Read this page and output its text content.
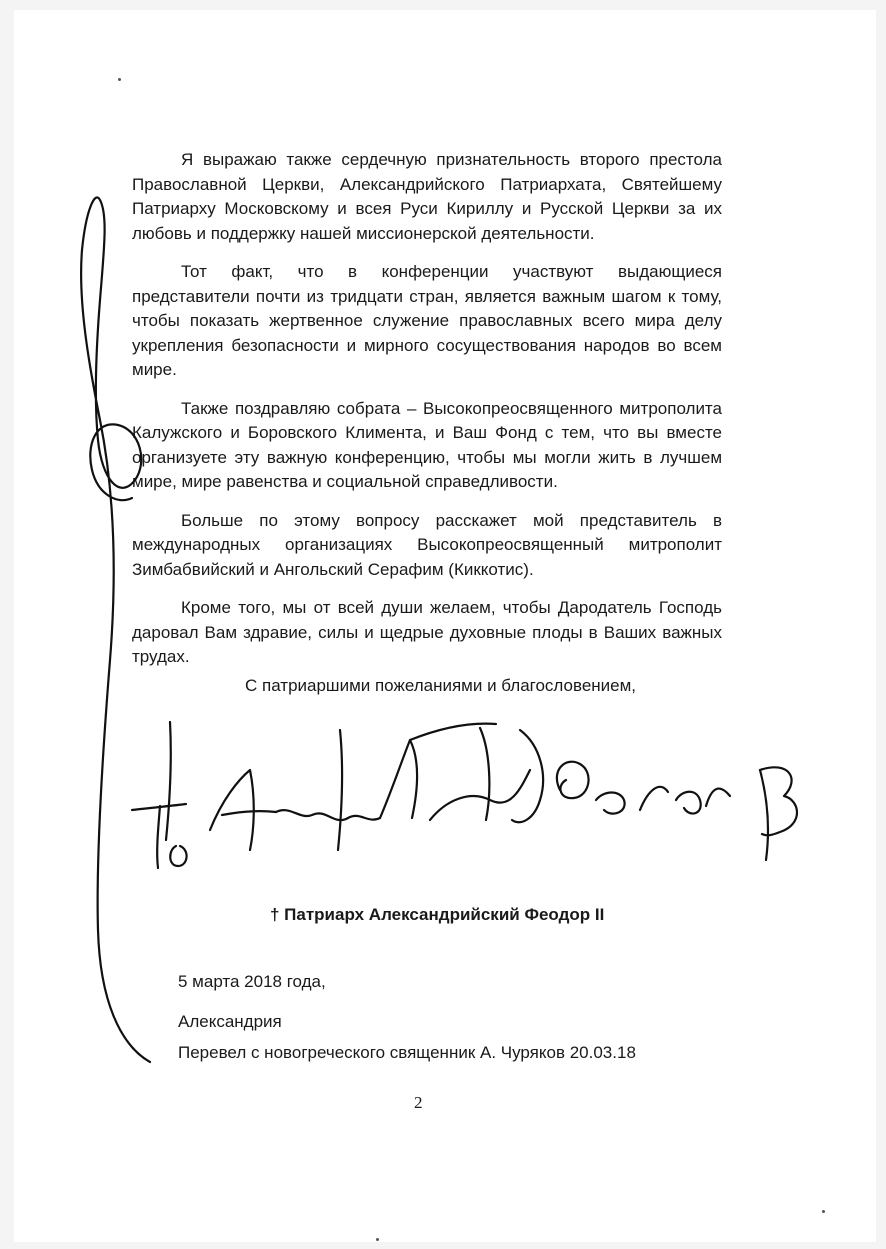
Я выражаю также сердечную признательность второго престола Православной Церкви, Александрийского Патриархата, Святейшему Патриарху Московскому и всея Руси Кириллу и Русской Церкви за их любовь и поддержку нашей миссионерской деятельности.

Тот факт, что в конференции участвуют выдающиеся представители почти из тридцати стран, является важным шагом к тому, чтобы показать жертвенное служение православных всего мира делу укрепления безопасности и мирного сосуществования народов во всем мире.

Также поздравляю собрата – Высокопреосвященного митрополита Калужского и Боровского Климента, и Ваш Фонд с тем, что вы вместе организуете эту важную конференцию, чтобы мы могли жить в лучшем мире, мире равенства и социальной справедливости.

Больше по этому вопросу расскажет мой представитель в международных организациях Высокопреосвященный митрополит Зимбабвийский и Ангольский Серафим (Киккотис).

Кроме того, мы от всей души желаем, чтобы Дародатель Господь даровал Вам здравие, силы и щедрые духовные плоды в Ваших важных трудах.

С патриаршими пожеланиями и благословением,
† Патриарх Александрийский Феодор II
5 марта 2018 года,
Александрия
Перевел с новогреческого священник А. Чуряков 20.03.18
2
